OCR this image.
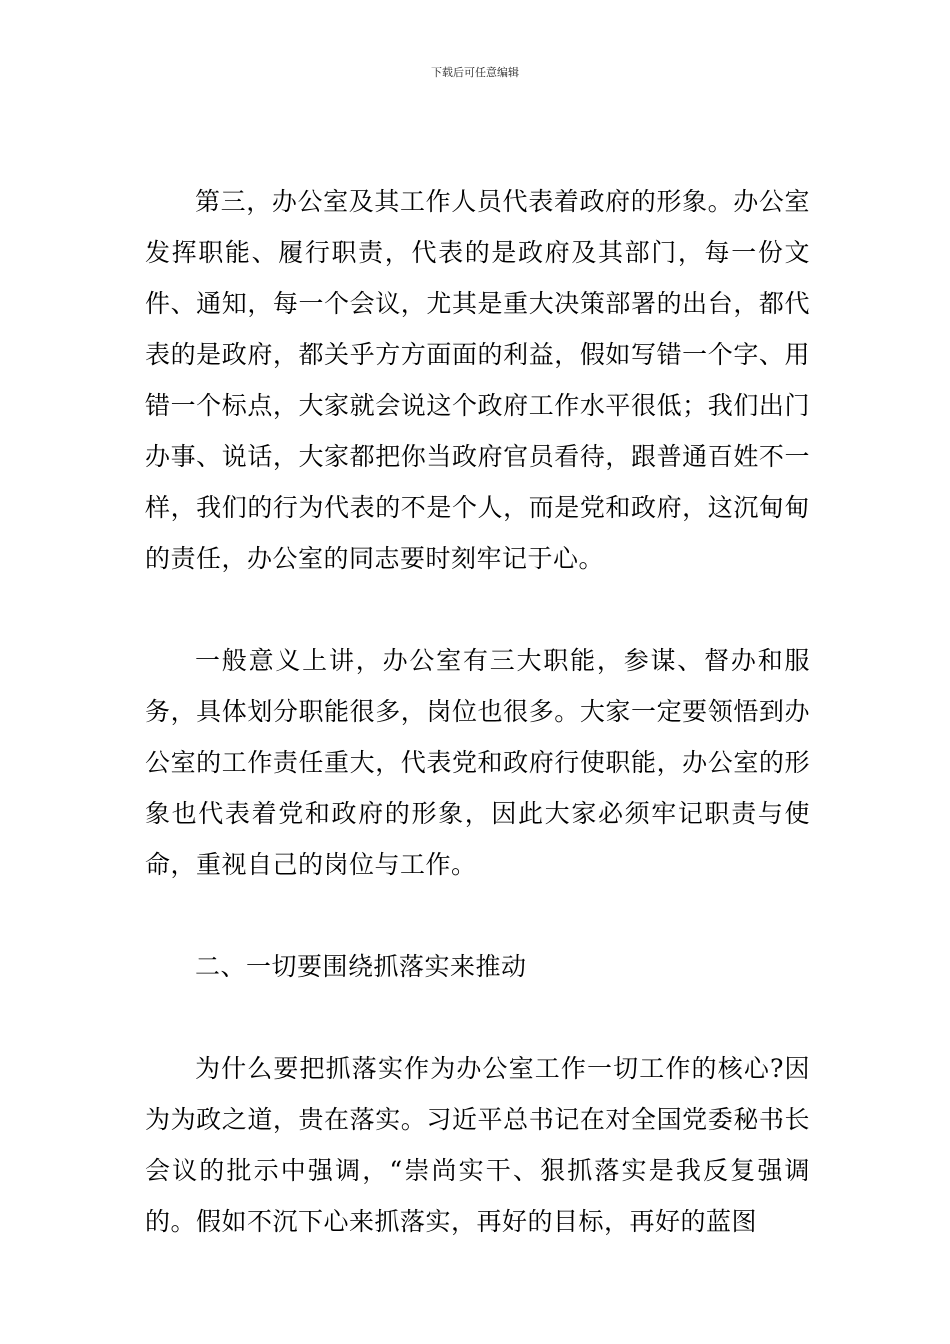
下载后可任意编辑

第三，办公室及其工作人员代表着政府的形象。办公室发挥职能、履行职责，代表的是政府及其部门，每一份文件、通知，每一个会议，尤其是重大决策部署的出台，都代表的是政府，都关乎方方面面的利益，假如写错一个字、用错一个标点，大家就会说这个政府工作水平很低；我们出门办事、说话，大家都把你当政府官员看待，跟普通百姓不一样，我们的行为代表的不是个人，而是党和政府，这沉甸甸的责任，办公室的同志要时刻牢记于心。

一般意义上讲，办公室有三大职能，参谋、督办和服务，具体划分职能很多，岗位也很多。大家一定要领悟到办公室的工作责任重大，代表党和政府行使职能，办公室的形象也代表着党和政府的形象，因此大家必须牢记职责与使命，重视自己的岗位与工作。

二、一切要围绕抓落实来推动

为什么要把抓落实作为办公室工作一切工作的核心?因为为政之道，贵在落实。习近平总书记在对全国党委秘书长会议的批示中强调，“崇尚实干、狠抓落实是我反复强调的。假如不沉下心来抓落实，再好的目标，再好的蓝图
